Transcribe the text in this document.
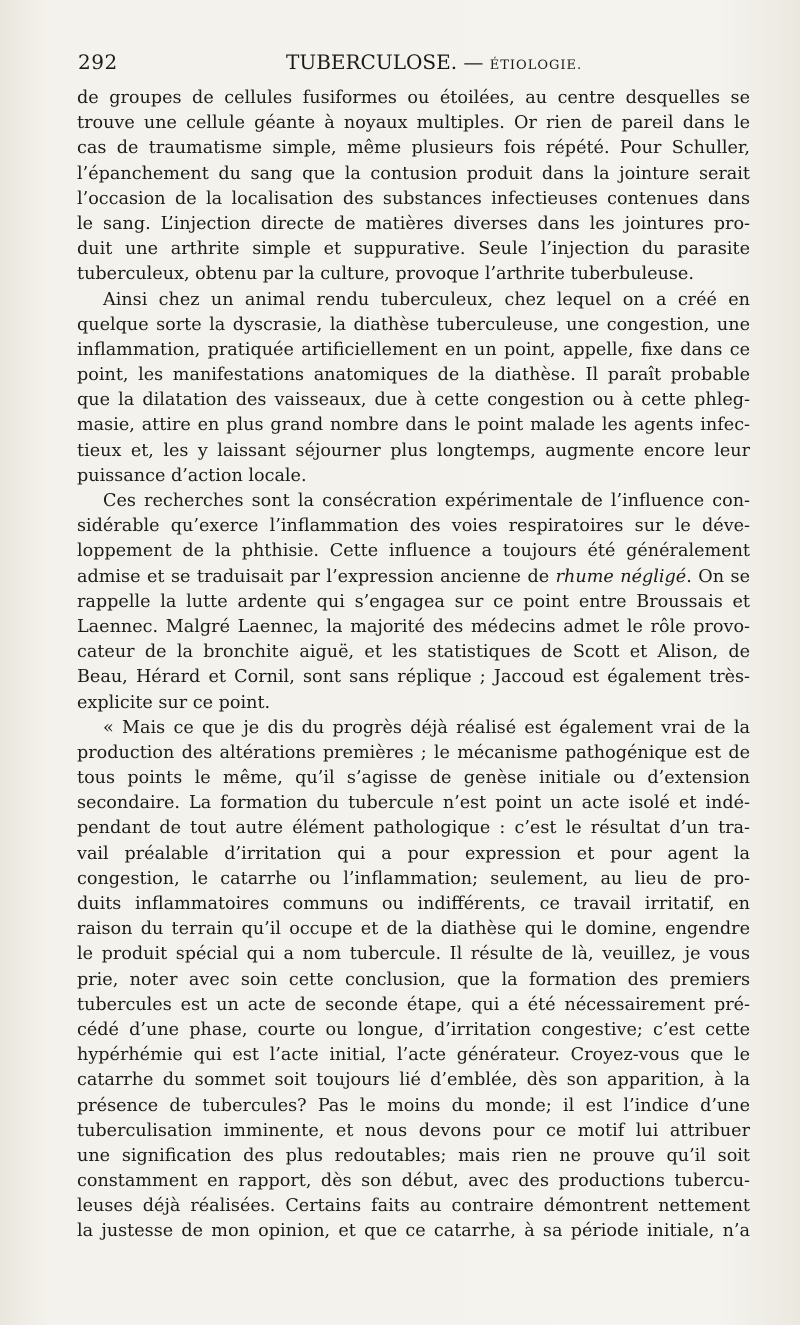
292	TUBERCULOSE. — ÉTIOLOGIE.
de groupes de cellules fusiformes ou étoilées, au centre desquelles se
trouve une cellule géante à noyaux multiples. Or rien de pareil dans le
cas de traumatisme simple, même plusieurs fois répété. Pour Schuller,
l’épanchement du sang que la contusion produit dans la jointure serait
l’occasion de la localisation des substances infectieuses contenues dans
le sang. L’injection directe de matières diverses dans les jointures pro-
duit une arthrite simple et suppurative. Seule l’injection du parasite
tuberculeux, obtenu par la culture, provoque l’arthrite tuberbuleuse.
Ainsi chez un animal rendu tuberculeux, chez lequel on a créé en
quelque sorte la dyscrasie, la diathèse tuberculeuse, une congestion, une
inflammation, pratiquée artificiellement en un point, appelle, fixe dans ce
point, les manifestations anatomiques de la diathèse. Il paraît probable
que la dilatation des vaisseaux, due à cette congestion ou à cette phleg-
masie, attire en plus grand nombre dans le point malade les agents infec-
tieux et, les y laissant séjourner plus longtemps, augmente encore leur
puissance d’action locale.
Ces recherches sont la consécration expérimentale de l’influence con-
sidérable qu’exerce l’inflammation des voies respiratoires sur le déve-
loppement de la phthisie. Cette influence a toujours été généralement
admise et se traduisait par l’expression ancienne de rhume négligé. On se
rappelle la lutte ardente qui s’engagea sur ce point entre Broussais et
Laennec. Malgré Laennec, la majorité des médecins admet le rôle provo-
cateur de la bronchite aiguë, et les statistiques de Scott et Alison, de
Beau, Hérard et Cornil, sont sans réplique ; Jaccoud est également très-
explicite sur ce point.
« Mais ce que je dis du progrès déjà réalisé est également vrai de la
production des altérations premières ; le mécanisme pathogénique est de
tous points le même, qu’il s’agisse de genèse initiale ou d’extension
secondaire. La formation du tubercule n’est point un acte isolé et indé-
pendant de tout autre élément pathologique : c’est le résultat d’un tra-
vail préalable d’irritation qui a pour expression et pour agent la
congestion, le catarrhe ou l’inflammation; seulement, au lieu de pro-
duits inflammatoires communs ou indifférents, ce travail irritatif, en
raison du terrain qu’il occupe et de la diathèse qui le domine, engendre
le produit spécial qui a nom tubercule. Il résulte de là, veuillez, je vous
prie, noter avec soin cette conclusion, que la formation des premiers
tubercules est un acte de seconde étape, qui a été nécessairement pré-
cédé d’une phase, courte ou longue, d’irritation congestive; c’est cette
hypérhémie qui est l’acte initial, l’acte générateur. Croyez-vous que le
catarrhe du sommet soit toujours lié d’emblée, dès son apparition, à la
présence de tubercules? Pas le moins du monde; il est l’indice d’une
tuberculisation imminente, et nous devons pour ce motif lui attribuer
une signification des plus redoutables; mais rien ne prouve qu’il soit
constamment en rapport, dès son début, avec des productions tubercu-
leuses déjà réalisées. Certains faits au contraire démontrent nettement
la justesse de mon opinion, et que ce catarrhe, à sa période initiale, n’a
